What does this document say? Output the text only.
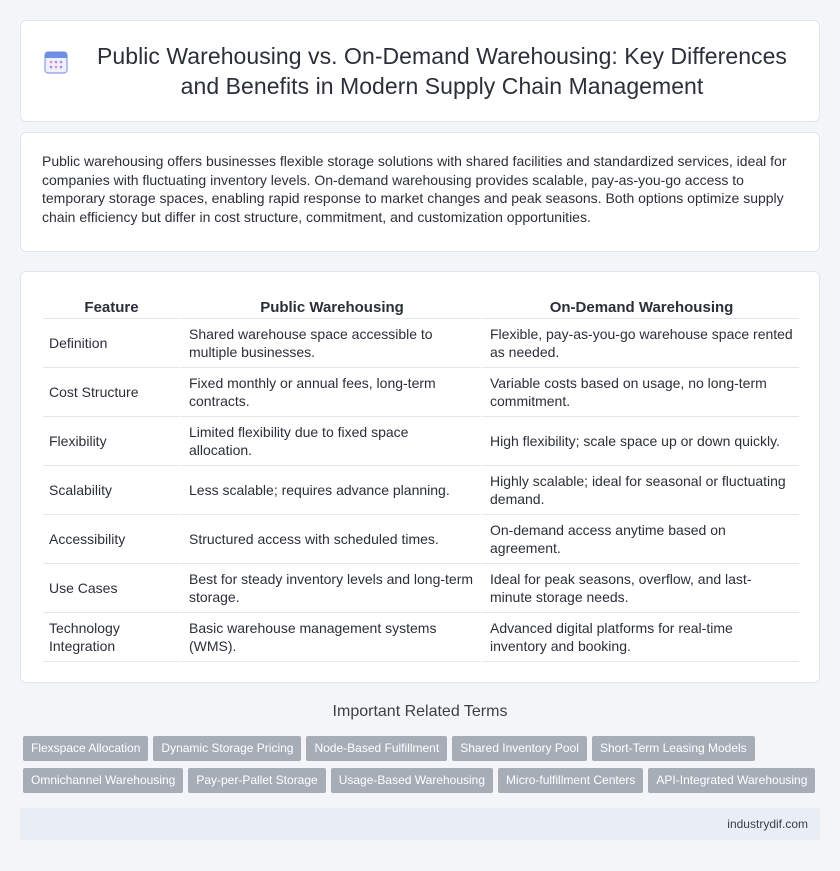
Public Warehousing vs. On-Demand Warehousing: Key Differences and Benefits in Modern Supply Chain Management

Public warehousing offers businesses flexible storage solutions with shared facilities and standardized services, ideal for companies with fluctuating inventory levels. On-demand warehousing provides scalable, pay-as-you-go access to temporary storage spaces, enabling rapid response to market changes and peak seasons. Both options optimize supply chain efficiency but differ in cost structure, commitment, and customization opportunities.

Feature	Public Warehousing	On-Demand Warehousing
Definition	Shared warehouse space accessible to multiple businesses.	Flexible, pay-as-you-go warehouse space rented as needed.
Cost Structure	Fixed monthly or annual fees, long-term contracts.	Variable costs based on usage, no long-term commitment.
Flexibility	Limited flexibility due to fixed space allocation.	High flexibility; scale space up or down quickly.
Scalability	Less scalable; requires advance planning.	Highly scalable; ideal for seasonal or fluctuating demand.
Accessibility	Structured access with scheduled times.	On-demand access anytime based on agreement.
Use Cases	Best for steady inventory levels and long-term storage.	Ideal for peak seasons, overflow, and last-minute storage needs.
Technology Integration	Basic warehouse management systems (WMS).	Advanced digital platforms for real-time inventory and booking.
Important Related Terms
Flexspace Allocation Dynamic Storage Pricing Node-Based Fulfillment Shared Inventory Pool Short-Term Leasing Models
Omnichannel Warehousing Pay-per-Pallet Storage Usage-Based Warehousing Micro-fulfillment Centers API-Integrated Warehousing
industrydif.com
